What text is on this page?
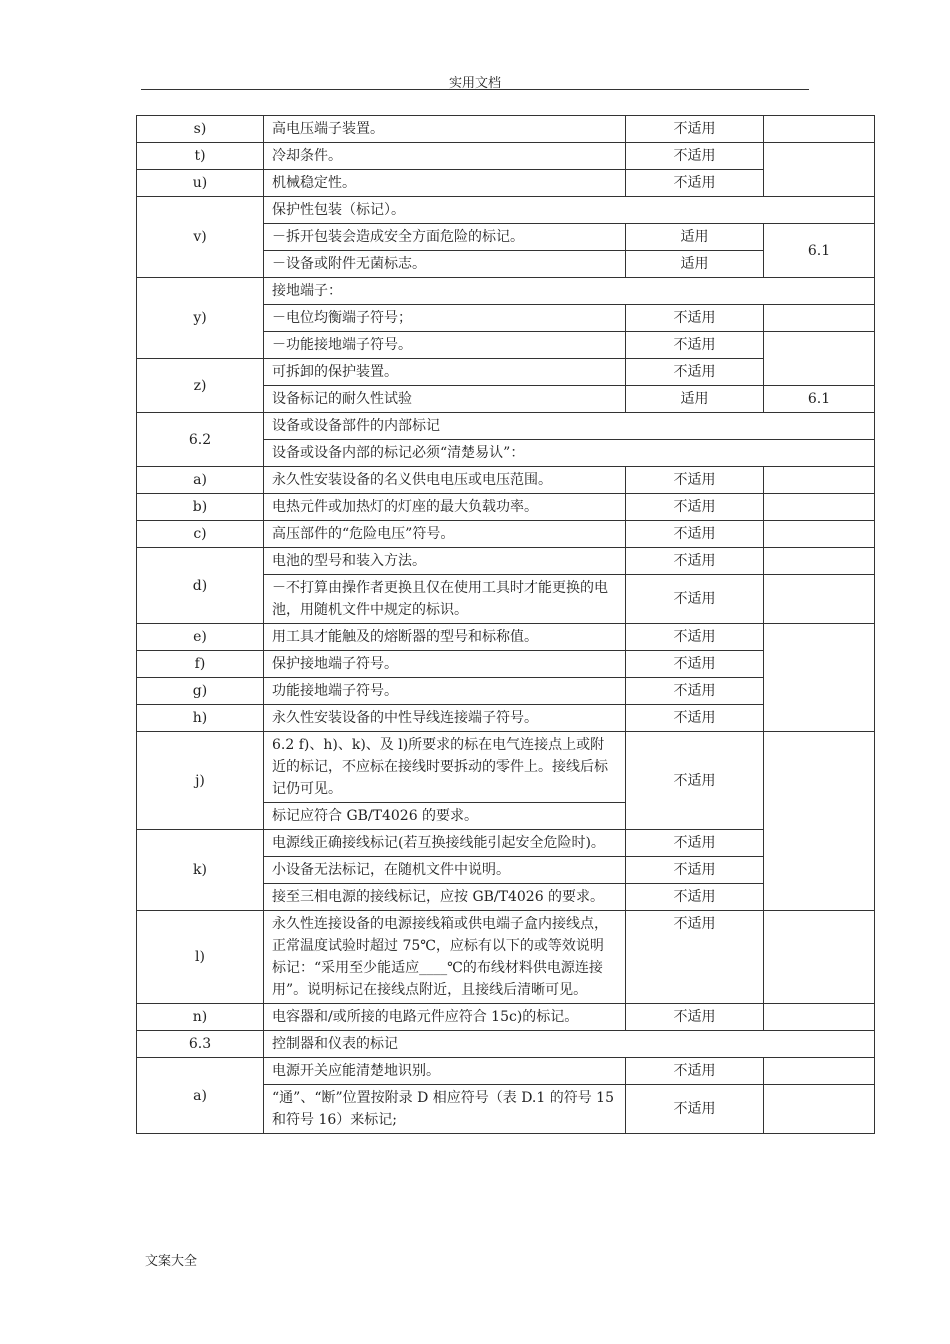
实用文档
s)	高电压端子装置。	不适用	
t)	冷却条件。	不适用	
u)	机械稳定性。	不适用	
v)	保护性包装（标记）。		
	－拆开包装会造成安全方面危险的标记。	适用	6.1
	－设备或附件无菌标志。	适用	
y)	接地端子：		
	－电位均衡端子符号；	不适用	
	－功能接地端子符号。	不适用	
z)	可拆卸的保护装置。	不适用	
	设备标记的耐久性试验	适用	6.1
6.2	设备或设备部件的内部标记		
	设备或设备内部的标记必须“清楚易认”：		
a)	永久性安装设备的名义供电电压或电压范围。	不适用	
b)	电热元件或加热灯的灯座的最大负载功率。	不适用	
c)	高压部件的“危险电压”符号。	不适用	
d)	电池的型号和装入方法。	不适用	
	－不打算由操作者更换且仅在使用工具时才能更换的电池，用随机文件中规定的标识。	不适用	
e)	用工具才能触及的熔断器的型号和标称值。	不适用	
f)	保护接地端子符号。	不适用	
g)	功能接地端子符号。	不适用	
h)	永久性安装设备的中性导线连接端子符号。	不适用	
j)	6.2 f)、h)、k)、及 l)所要求的标在电气连接点上或附近的标记，不应标在接线时要拆动的零件上。接线后标记仍可见。	不适用	
	标记应符合 GB/T4026 的要求。		
k)	电源线正确接线标记(若互换接线能引起安全危险时)。	不适用	
	小设备无法标记，在随机文件中说明。	不适用	
	接至三相电源的接线标记，应按 GB/T4026 的要求。	不适用	
l)	永久性连接设备的电源接线箱或供电端子盒内接线点，正常温度试验时超过 75℃，应标有以下的或等效说明标记：“采用至少能适应____℃的布线材料供电源连接用”。说明标记在接线点附近，且接线后清晰可见。	不适用	
n)	电容器和/或所接的电路元件应符合 15c)的标记。	不适用	
6.3	控制器和仪表的标记		
a)	电源开关应能清楚地识别。	不适用	
	“通”、“断”位置按附录 D 相应符号（表 D.1 的符号 15 和符号 16）来标记;	不适用	
文案大全
